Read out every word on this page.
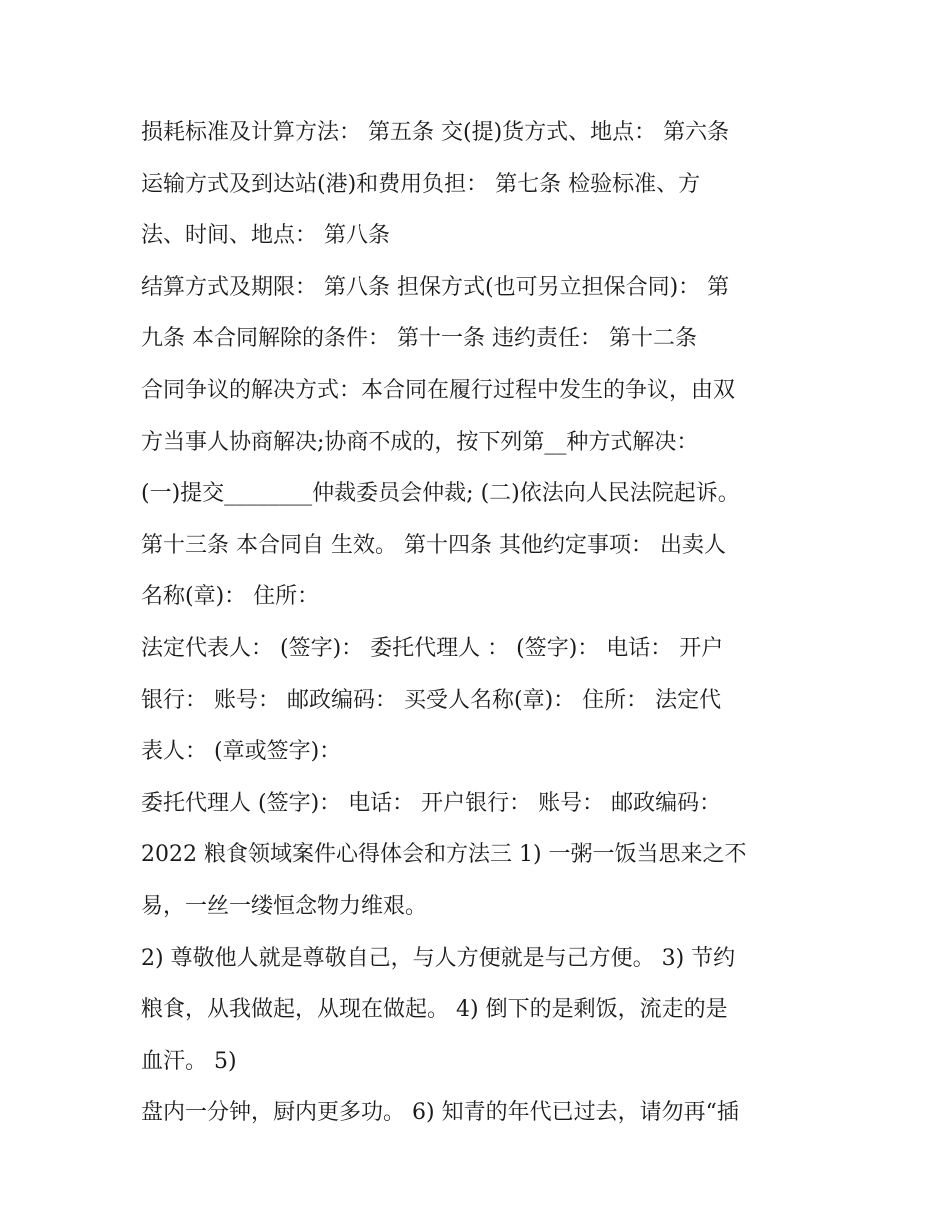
损耗标准及计算方法： 第五条 交(提)货方式、地点： 第六条
运输方式及到达站(港)和费用负担： 第七条 检验标准、方
法、时间、地点： 第八条
结算方式及期限： 第八条 担保方式(也可另立担保合同)： 第
九条 本合同解除的条件： 第十一条 违约责任： 第十二条
合同争议的解决方式：本合同在履行过程中发生的争议，由双
方当事人协商解决;协商不成的，按下列第__种方式解决：
(一)提交________仲裁委员会仲裁; (二)依法向人民法院起诉。
第十三条 本合同自 生效。 第十四条 其他约定事项： 出卖人
名称(章)： 住所：
法定代表人： (签字)： 委托代理人 ： (签字)： 电话： 开户
银行： 账号： 邮政编码： 买受人名称(章)： 住所： 法定代
表人： (章或签字)：
委托代理人 (签字)： 电话： 开户银行： 账号： 邮政编码：
2022 粮食领域案件心得体会和方法三 1) 一粥一饭当思来之不
易，一丝一缕恒念物力维艰。
2) 尊敬他人就是尊敬自己，与人方便就是与己方便。 3) 节约
粮食，从我做起，从现在做起。 4) 倒下的是剩饭，流走的是
血汗。 5)
盘内一分钟，厨内更多功。 6) 知青的年代已过去，请勿再“插
